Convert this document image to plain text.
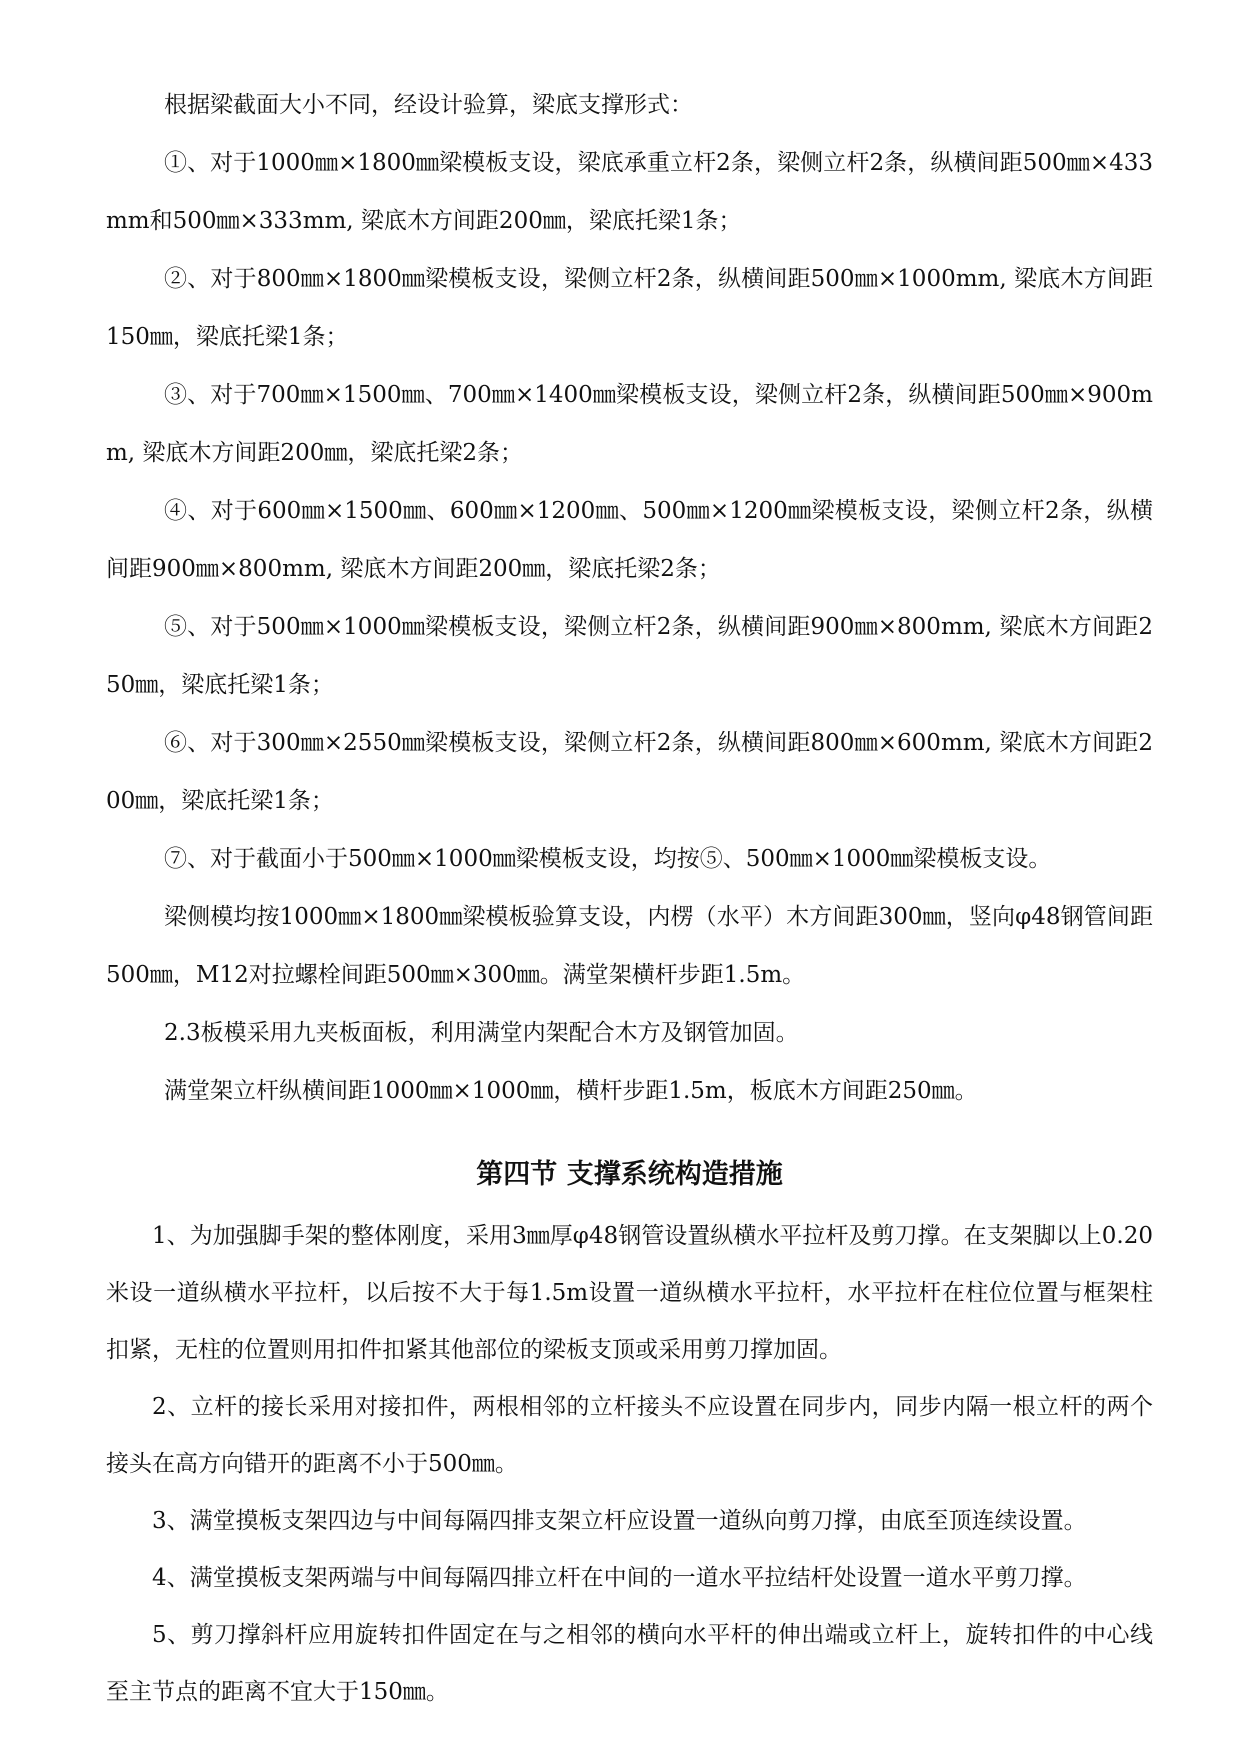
根据梁截面大小不同，经设计验算，梁底支撑形式：

①、对于1000㎜×1800㎜梁模板支设，梁底承重立杆2条，梁侧立杆2条，纵横间距500㎜×433mm和500㎜×333mm, 梁底木方间距200㎜，梁底托梁1条；

②、对于800㎜×1800㎜梁模板支设，梁侧立杆2条，纵横间距500㎜×1000mm, 梁底木方间距150㎜，梁底托梁1条；

③、对于700㎜×1500㎜、700㎜×1400㎜梁模板支设，梁侧立杆2条，纵横间距500㎜×900mm, 梁底木方间距200㎜，梁底托梁2条；

④、对于600㎜×1500㎜、600㎜×1200㎜、500㎜×1200㎜梁模板支设，梁侧立杆2条，纵横间距900㎜×800mm, 梁底木方间距200㎜，梁底托梁2条；

⑤、对于500㎜×1000㎜梁模板支设，梁侧立杆2条，纵横间距900㎜×800mm, 梁底木方间距250㎜，梁底托梁1条；

⑥、对于300㎜×2550㎜梁模板支设，梁侧立杆2条，纵横间距800㎜×600mm, 梁底木方间距200㎜，梁底托梁1条；

⑦、对于截面小于500㎜×1000㎜梁模板支设，均按⑤、500㎜×1000㎜梁模板支设。

梁侧模均按1000㎜×1800㎜梁模板验算支设，内楞（水平）木方间距300㎜，竖向φ48钢管间距500㎜，M12对拉螺栓间距500㎜×300㎜。满堂架横杆步距1.5m。

2.3板模采用九夹板面板，利用满堂内架配合木方及钢管加固。

满堂架立杆纵横间距1000㎜×1000㎜，横杆步距1.5m，板底木方间距250㎜。

第四节 支撑系统构造措施

1、为加强脚手架的整体刚度，采用3㎜厚φ48钢管设置纵横水平拉杆及剪刀撑。在支架脚以上0.20米设一道纵横水平拉杆，以后按不大于每1.5m设置一道纵横水平拉杆，水平拉杆在柱位位置与框架柱扣紧，无柱的位置则用扣件扣紧其他部位的梁板支顶或采用剪刀撑加固。

2、立杆的接长采用对接扣件，两根相邻的立杆接头不应设置在同步内，同步内隔一根立杆的两个接头在高方向错开的距离不小于500㎜。

3、满堂摸板支架四边与中间每隔四排支架立杆应设置一道纵向剪刀撑，由底至顶连续设置。

4、满堂摸板支架两端与中间每隔四排立杆在中间的一道水平拉结杆处设置一道水平剪刀撑。

5、剪刀撑斜杆应用旋转扣件固定在与之相邻的横向水平杆的伸出端或立杆上，旋转扣件的中心线至主节点的距离不宜大于150㎜。
